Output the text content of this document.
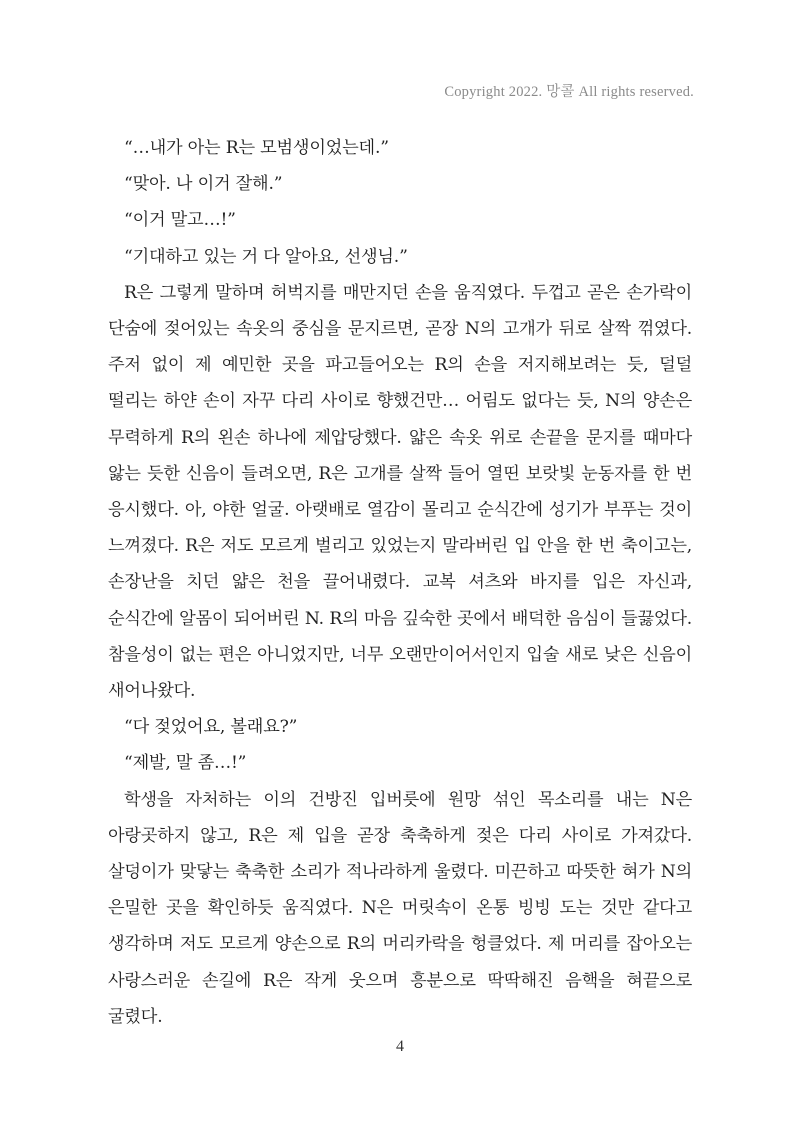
Copyright 2022. 망콜 All rights reserved.

“…내가 아는 R는 모범생이었는데.”

“맞아. 나 이거 잘해.”

“이거 말고…!”

“기대하고 있는 거 다 알아요, 선생님.”

R은 그렇게 말하며 허벅지를 매만지던 손을 움직였다. 두껍고 곧은 손가락이 단숨에 젖어있는 속옷의 중심을 문지르면, 곧장 N의 고개가 뒤로 살짝 꺾였다. 주저 없이 제 예민한 곳을 파고들어오는 R의 손을 저지해보려는 듯, 덜덜 떨리는 하얀 손이 자꾸 다리 사이로 향했건만… 어림도 없다는 듯, N의 양손은 무력하게 R의 왼손 하나에 제압당했다. 얇은 속옷 위로 손끝을 문지를 때마다 앓는 듯한 신음이 들려오면, R은 고개를 살짝 들어 열띤 보랏빛 눈동자를 한 번 응시했다. 아, 야한 얼굴. 아랫배로 열감이 몰리고 순식간에 성기가 부푸는 것이 느껴졌다. R은 저도 모르게 벌리고 있었는지 말라버린 입 안을 한 번 축이고는, 손장난을 치던 얇은 천을 끌어내렸다. 교복 셔츠와 바지를 입은 자신과, 순식간에 알몸이 되어버린 N. R의 마음 깊숙한 곳에서 배덕한 음심이 들끓었다. 참을성이 없는 편은 아니었지만, 너무 오랜만이어서인지 입술 새로 낮은 신음이 새어나왔다.

“다 젖었어요, 볼래요?”

“제발, 말 좀…!”

학생을 자처하는 이의 건방진 입버릇에 원망 섞인 목소리를 내는 N은 아랑곳하지 않고, R은 제 입을 곧장 축축하게 젖은 다리 사이로 가져갔다. 살덩이가 맞닿는 축축한 소리가 적나라하게 울렸다. 미끈하고 따뜻한 혀가 N의 은밀한 곳을 확인하듯 움직였다. N은 머릿속이 온통 빙빙 도는 것만 같다고 생각하며 저도 모르게 양손으로 R의 머리카락을 헝클었다. 제 머리를 잡아오는 사랑스러운 손길에 R은 작게 웃으며 흥분으로 딱딱해진 음핵을 혀끝으로 굴렸다.

4
